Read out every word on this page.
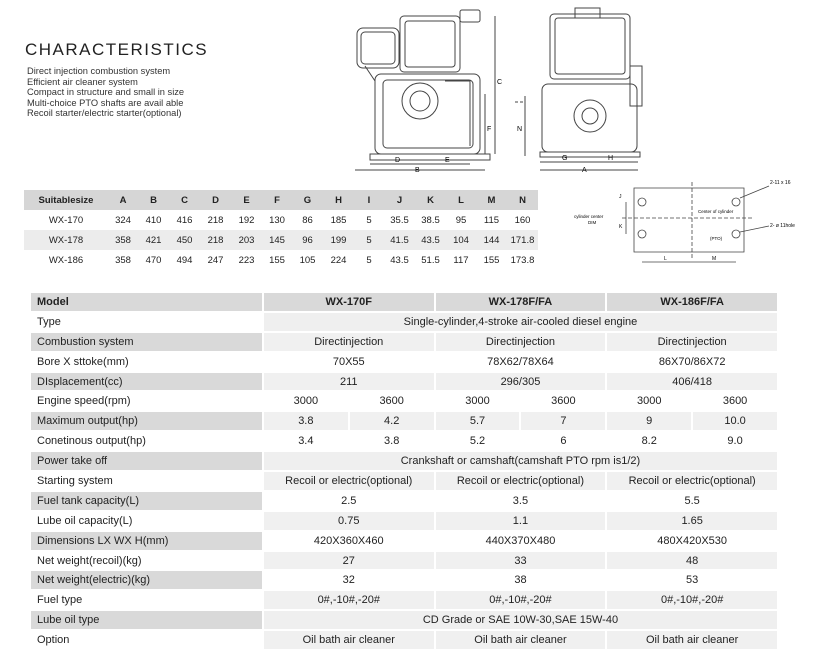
CHARACTERISTICS
Direct injection combustion system
Efficient air cleaner system
Compact in structure and small in size
Multi-choice PTO shafts are avail able
Recoil starter/electric starter(optional)
C
F	N
D	E
B
G	H
A
2-11 x 16
2- ø 11hole
Center of cylinder
cylinder center
DIM
(PTO)
J
K
L	M
Suitablesize	A	B	C	D	E	F	G	H	I	J	K	L	M	N
WX-170	324	410	416	218	192	130	86	185	5	35.5	38.5	95	115	160
WX-178	358	421	450	218	203	145	96	199	5	41.5	43.5	104	144	171.8
WX-186	358	470	494	247	223	155	105	224	5	43.5	51.5	117	155	173.8
Model	WX-170F		WX-178F/FA		WX-186F/FA	
Type	Single-cylinder,4-stroke air-cooled diesel engine					
Combustion system	Directinjection		Directinjection		Directinjection	
Bore X sttoke(mm)	70X55		78X62/78X64		86X70/86X72	
DIsplacement(cc)	211		296/305		406/418	
Engine speed(rpm)	3000	3600	3000	3600	3000	3600
Maximum output(hp)	3.8	4.2	5.7	7	9	10.0
Conetinous output(hp)	3.4	3.8	5.2	6	8.2	9.0
Power take off	Crankshaft or camshaft(camshaft PTO rpm is1/2)					
Starting system	Recoil or electric(optional)		Recoil or electric(optional)		Recoil or electric(optional)	
Fuel tank capacity(L)	2.5		3.5		5.5	
Lube oil capacity(L)	0.75		1.1		1.65	
Dimensions LX WX H(mm)	420X360X460		440X370X480		480X420X530	
Net weight(recoil)(kg)	27		33		48	
Net weight(electric)(kg)	32		38		53	
Fuel type	0#,-10#,-20#		0#,-10#,-20#		0#,-10#,-20#	
Lube oil type	CD Grade or SAE 10W-30,SAE 15W-40					
Option	Oil bath air cleaner		Oil bath air cleaner		Oil bath air cleaner	
